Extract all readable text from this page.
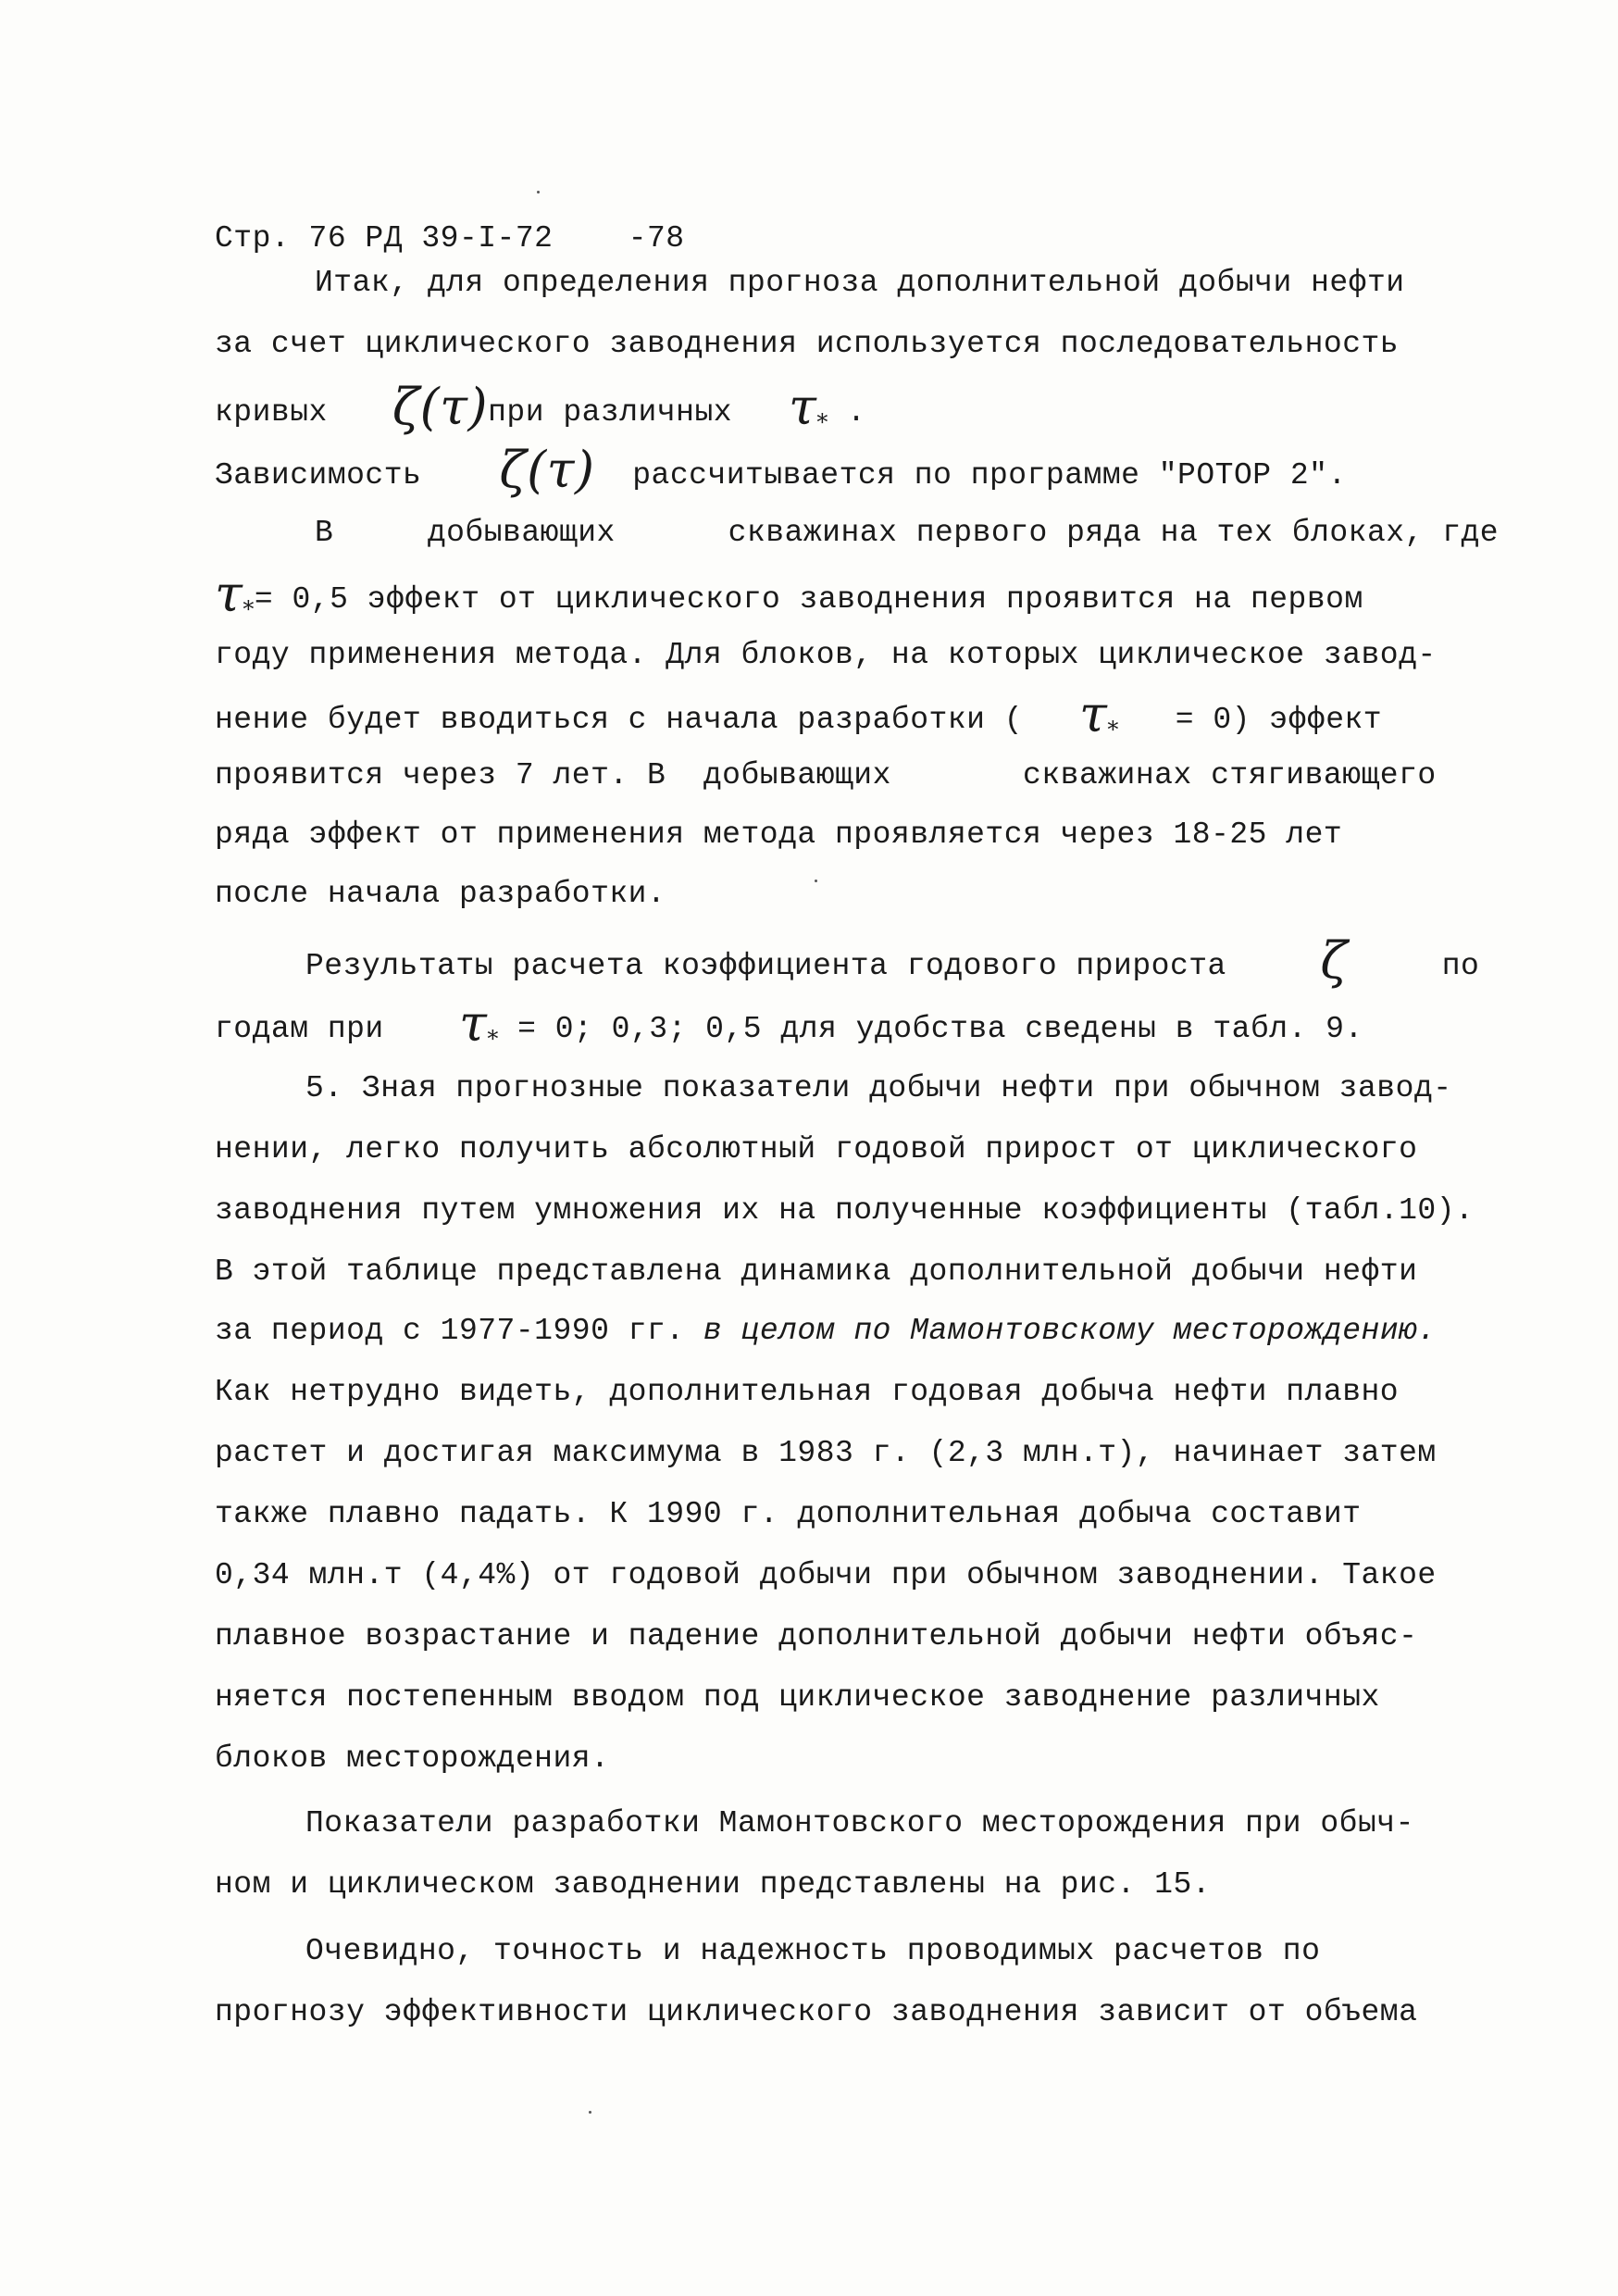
Стр. 76 РД 39-I-72 -78
Итак, для определения прогноза дополнительной добычи нефти
за счет циклического заводнения используется последовательность
кривых ζ(τ)при различных $\tau_*$ .
Зависимость ζ(τ) рассчитывается по программе "РОТОР 2".
В     добывающих      скважинах первого ряда на тех блоках, где
$\tau_*= 0,5$ эффект от циклического заводнения проявится на первом
году применения метода. Для блоков, на которых циклическое завод-
нение будет вводиться с начала разработки ( $\tau_* = 0$) эффект
проявится через 7 лет. В  добывающих       скважинах стягивающего
ряда эффект от применения метода проявляется через 18-25 лет
после начала разработки.
Результаты расчета коэффициента годового прироста ζ	по
годам при $\tau_* = 0$; 0,3; 0,5 для удобства сведены в табл. 9.
5. Зная прогнозные показатели добычи нефти при обычном завод-
нении, легко получить абсолютный годовой прирост от циклического
заводнения путем умножения их на полученные коэффициенты (табл.10).
В этой таблице представлена динамика дополнительной добычи нефти
за период с 1977-1990 гг. в целом по Мамонтовскому месторождению.
Как нетрудно видеть, дополнительная годовая добыча нефти плавно
растет и достигая максимума в 1983 г. (2,3 млн.т), начинает затем
также плавно падать. К 1990 г. дополнительная добыча составит
0,34 млн.т (4,4%) от годовой добычи при обычном заводнении. Такое
плавное возрастание и падение дополнительной добычи нефти объяс-
няется постепенным вводом под циклическое заводнение различных
блоков месторождения.
Показатели разработки Мамонтовского месторождения при обыч-
ном и циклическом заводнении представлены на рис. 15.
Очевидно, точность и надежность проводимых расчетов по
прогнозу эффективности циклического заводнения зависит от объема
